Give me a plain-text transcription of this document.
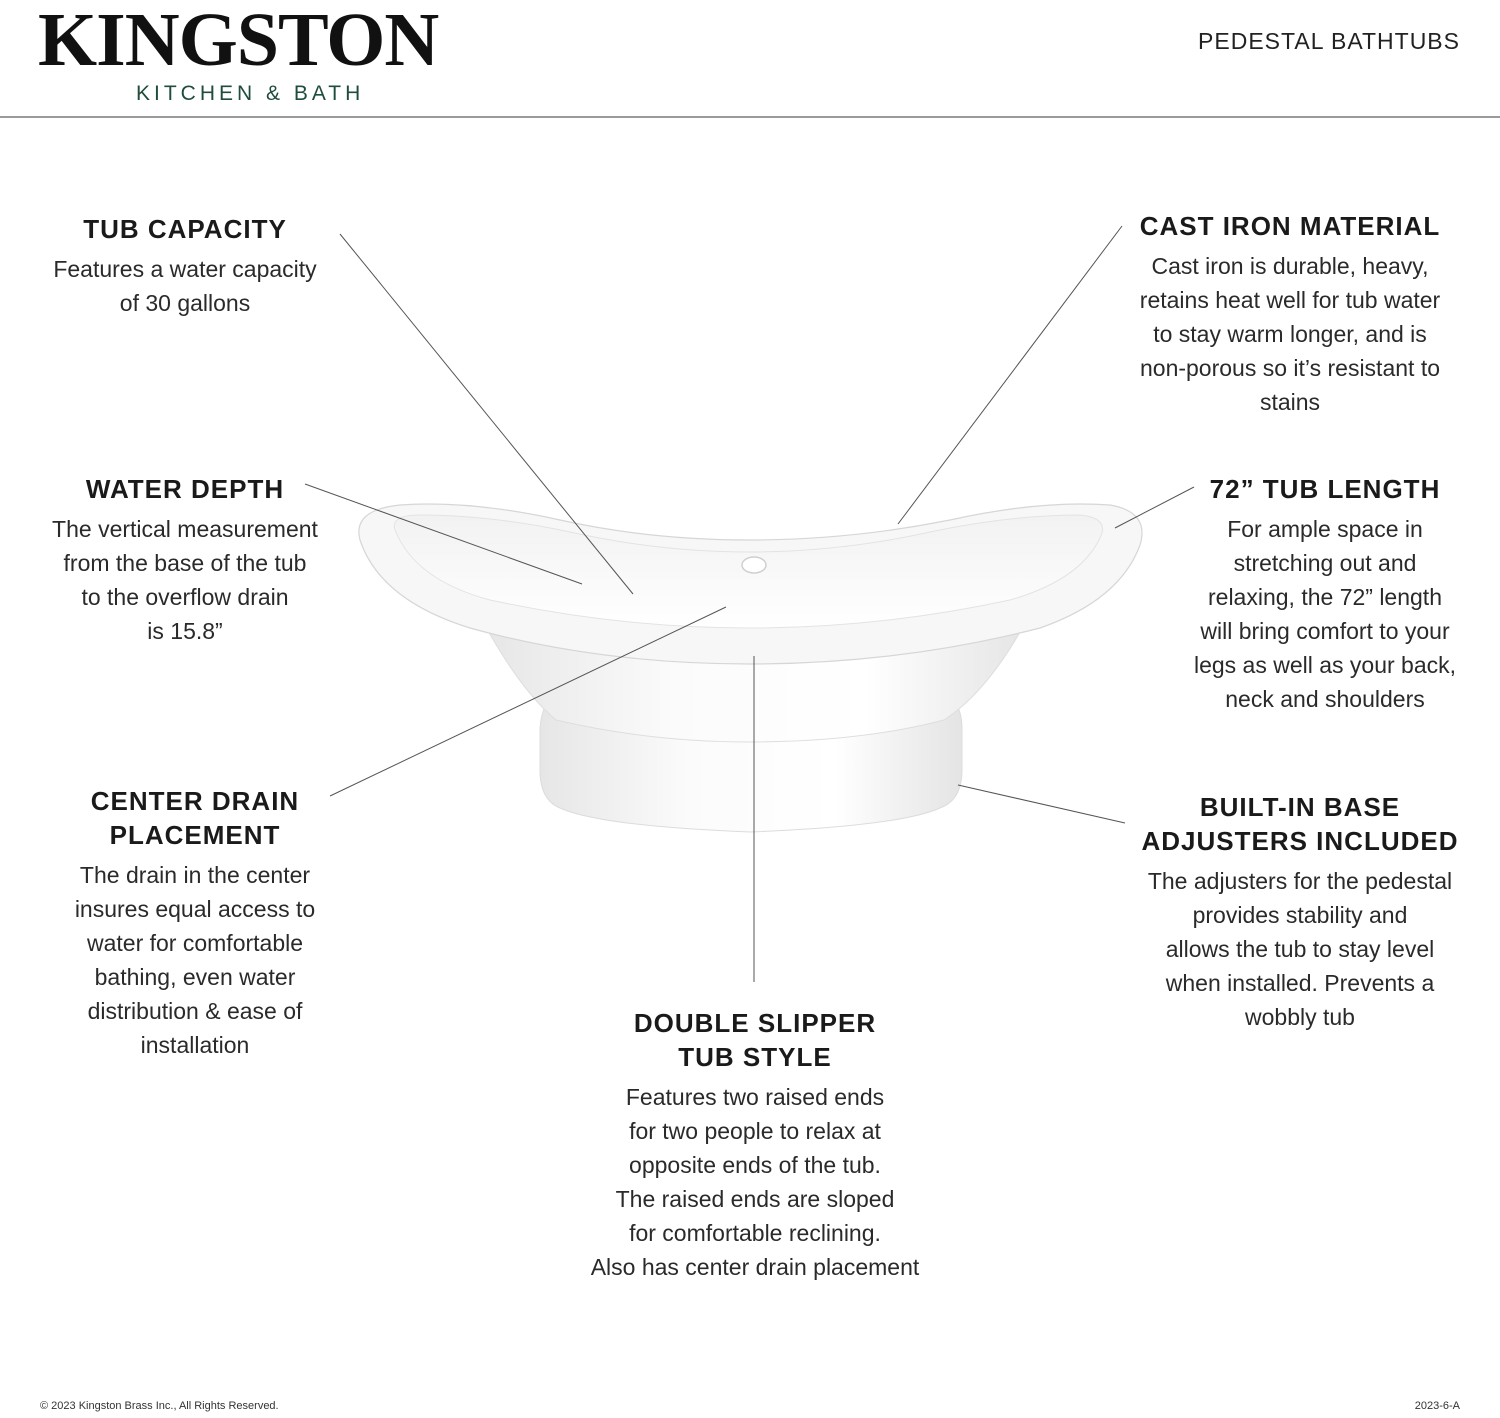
KINGSTON
KITCHEN & BATH
PEDESTAL BATHTUBS
TUB CAPACITY

Features a water capacity
of 30 gallons

WATER DEPTH

The vertical measurement
from the base of the tub
to the overflow drain
is 15.8”

CENTER DRAIN
PLACEMENT

The drain in the center
insures equal access to
water for comfortable
bathing, even water
distribution & ease of
installation

DOUBLE SLIPPER
TUB STYLE

Features two raised ends
for two people to relax at
opposite ends of the tub.
The raised ends are sloped
for comfortable reclining.
Also has center drain placement

CAST IRON MATERIAL

Cast iron is durable, heavy,
retains heat well for tub water
to stay warm longer, and is
non-porous so it’s resistant to
stains

72” TUB LENGTH

For ample space in
stretching out and
relaxing, the 72” length
will bring comfort to your
legs as well as your back,
neck and shoulders

BUILT-IN BASE
ADJUSTERS INCLUDED

The adjusters for the pedestal
provides stability and
allows the tub to stay level
when installed. Prevents a
wobbly tub

© 2023 Kingston Brass Inc., All Rights Reserved.	2023-6-A
